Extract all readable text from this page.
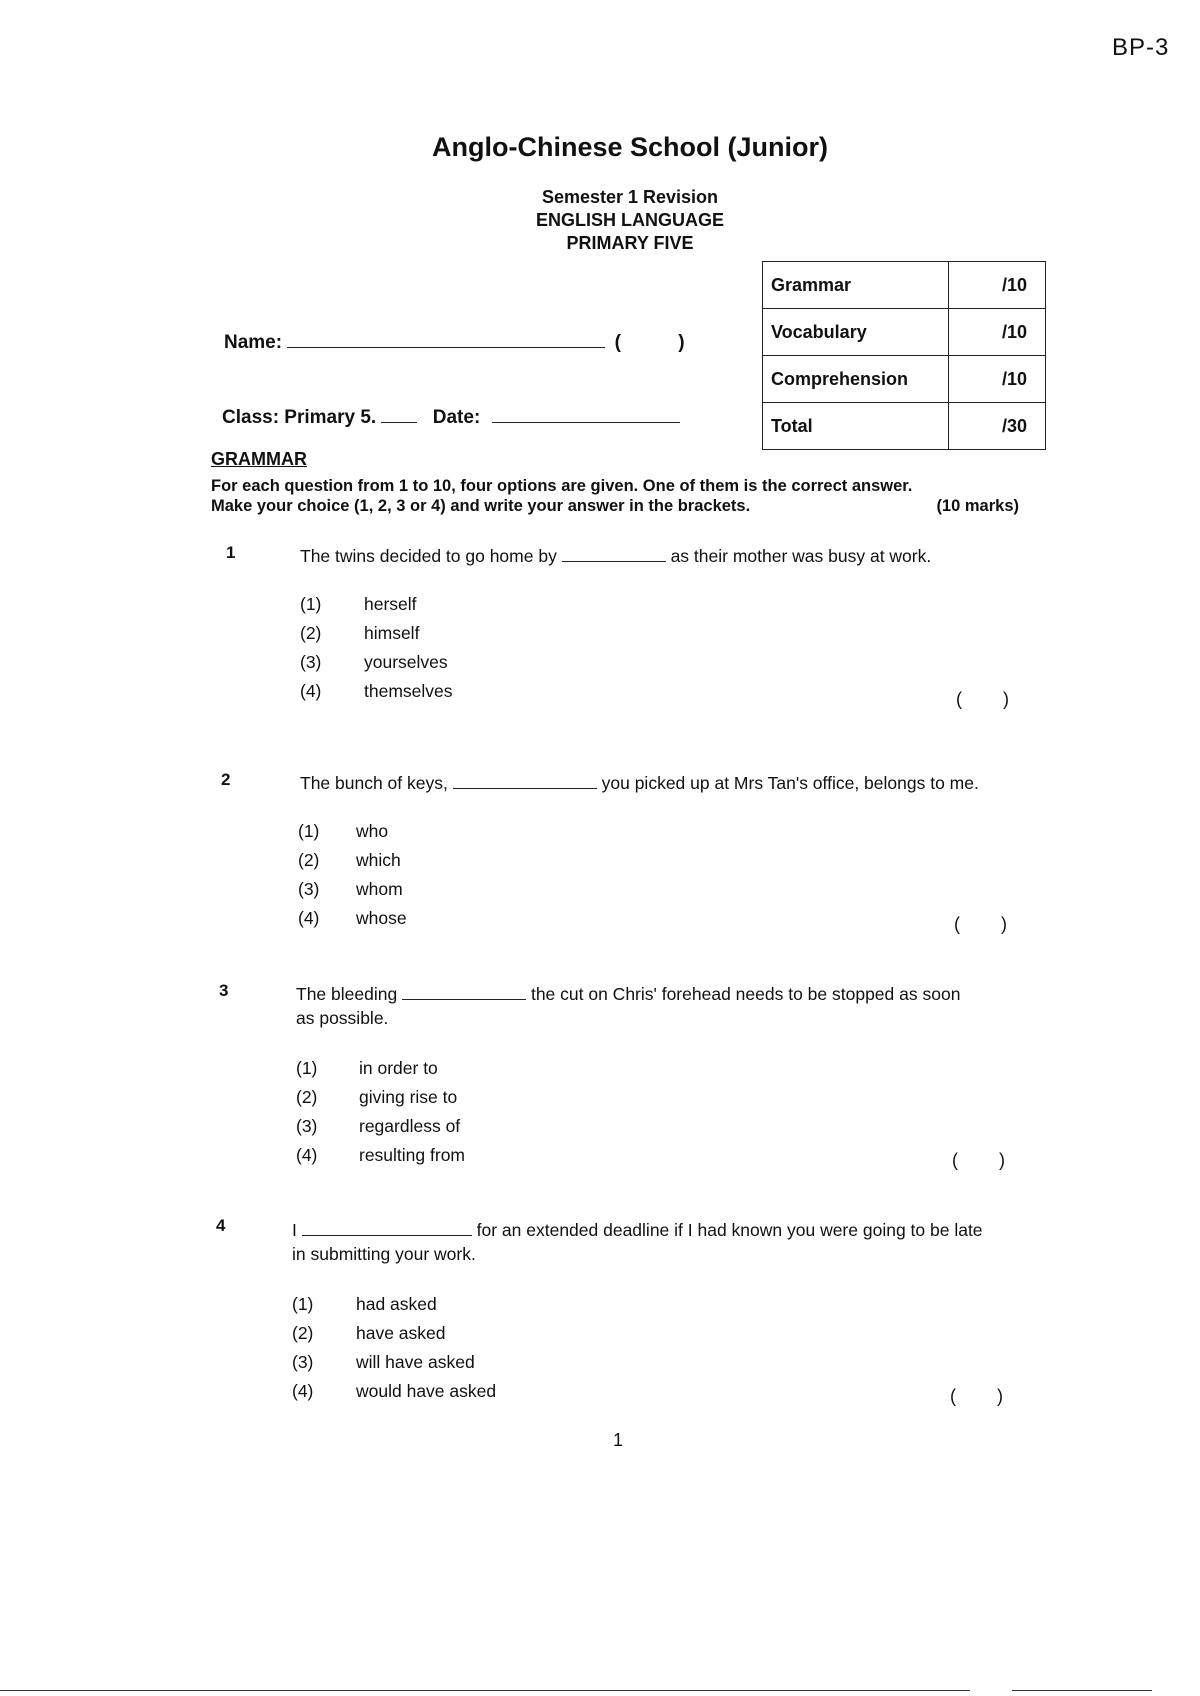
BP-3
Anglo-Chinese School (Junior)
Semester 1 Revision
ENGLISH LANGUAGE
PRIMARY FIVE
Grammar	/10
Vocabulary	/10
Comprehension	/10
Total	/30
Name:	(	)
Class: Primary 5.	Date:
GRAMMAR
For each question from 1 to 10, four options are given. One of them is the correct answer.
Make your choice (1, 2, 3 or 4) and write your answer in the brackets.	(10 marks)
1	The twins decided to go home by	as their mother was busy at work.
(1) herself
(2) himself
(3) yourselves
(4) themselves	( )
2	The bunch of keys,	you picked up at Mrs Tan's office, belongs to me.
(1) who
(2) which
(3) whom
(4) whose	( )
3	The bleeding	the cut on Chris' forehead needs to be stopped as soon
as possible.
(1) in order to
(2) giving rise to
(3) regardless of
(4) resulting from	( )
4	I	for an extended deadline if I had known you were going to be late
in submitting your work.
(1) had asked
(2) have asked
(3) will have asked
(4) would have asked	( )
1
